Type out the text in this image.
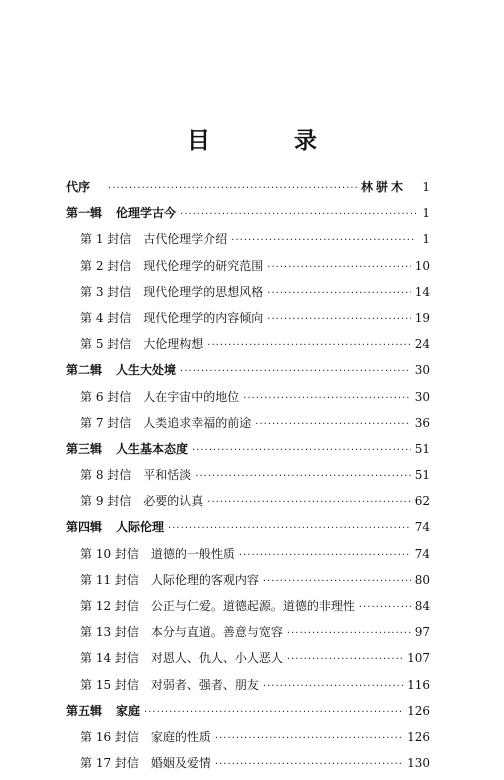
目 录
代序 ·····	林骈木 1
第一辑 伦理学古今 ·····	1
第 1 封信 古代伦理学介绍 ·····	1
第 2 封信 现代伦理学的研究范围 ·····	10
第 3 封信 现代伦理学的思想风格 ·····	14
第 4 封信 现代伦理学的内容倾向 ·····	19
第 5 封信 大伦理构想 ·····	24
第二辑 人生大处境 ·····	30
第 6 封信 人在宇宙中的地位 ·····	30
第 7 封信 人类追求幸福的前途 ·····	36
第三辑 人生基本态度 ·····	51
第 8 封信 平和恬淡 ·····	51
第 9 封信 必要的认真 ·····	62
第四辑 人际伦理 ·····	74
第 10 封信 道德的一般性质 ·····	74
第 11 封信 人际伦理的客观内容 ·····	80
第 12 封信 公正与仁爱。道德起源。道德的非理性 ·····	84
第 13 封信 本分与直道。善意与宽容 ·····	97
第 14 封信 对恩人、仇人、小人恶人 ·····	107
第 15 封信 对弱者、强者、朋友 ·····	116
第五辑 家庭 ·····	126
第 16 封信 家庭的性质 ·····	126
第 17 封信 婚姻及爱情 ·····	130
